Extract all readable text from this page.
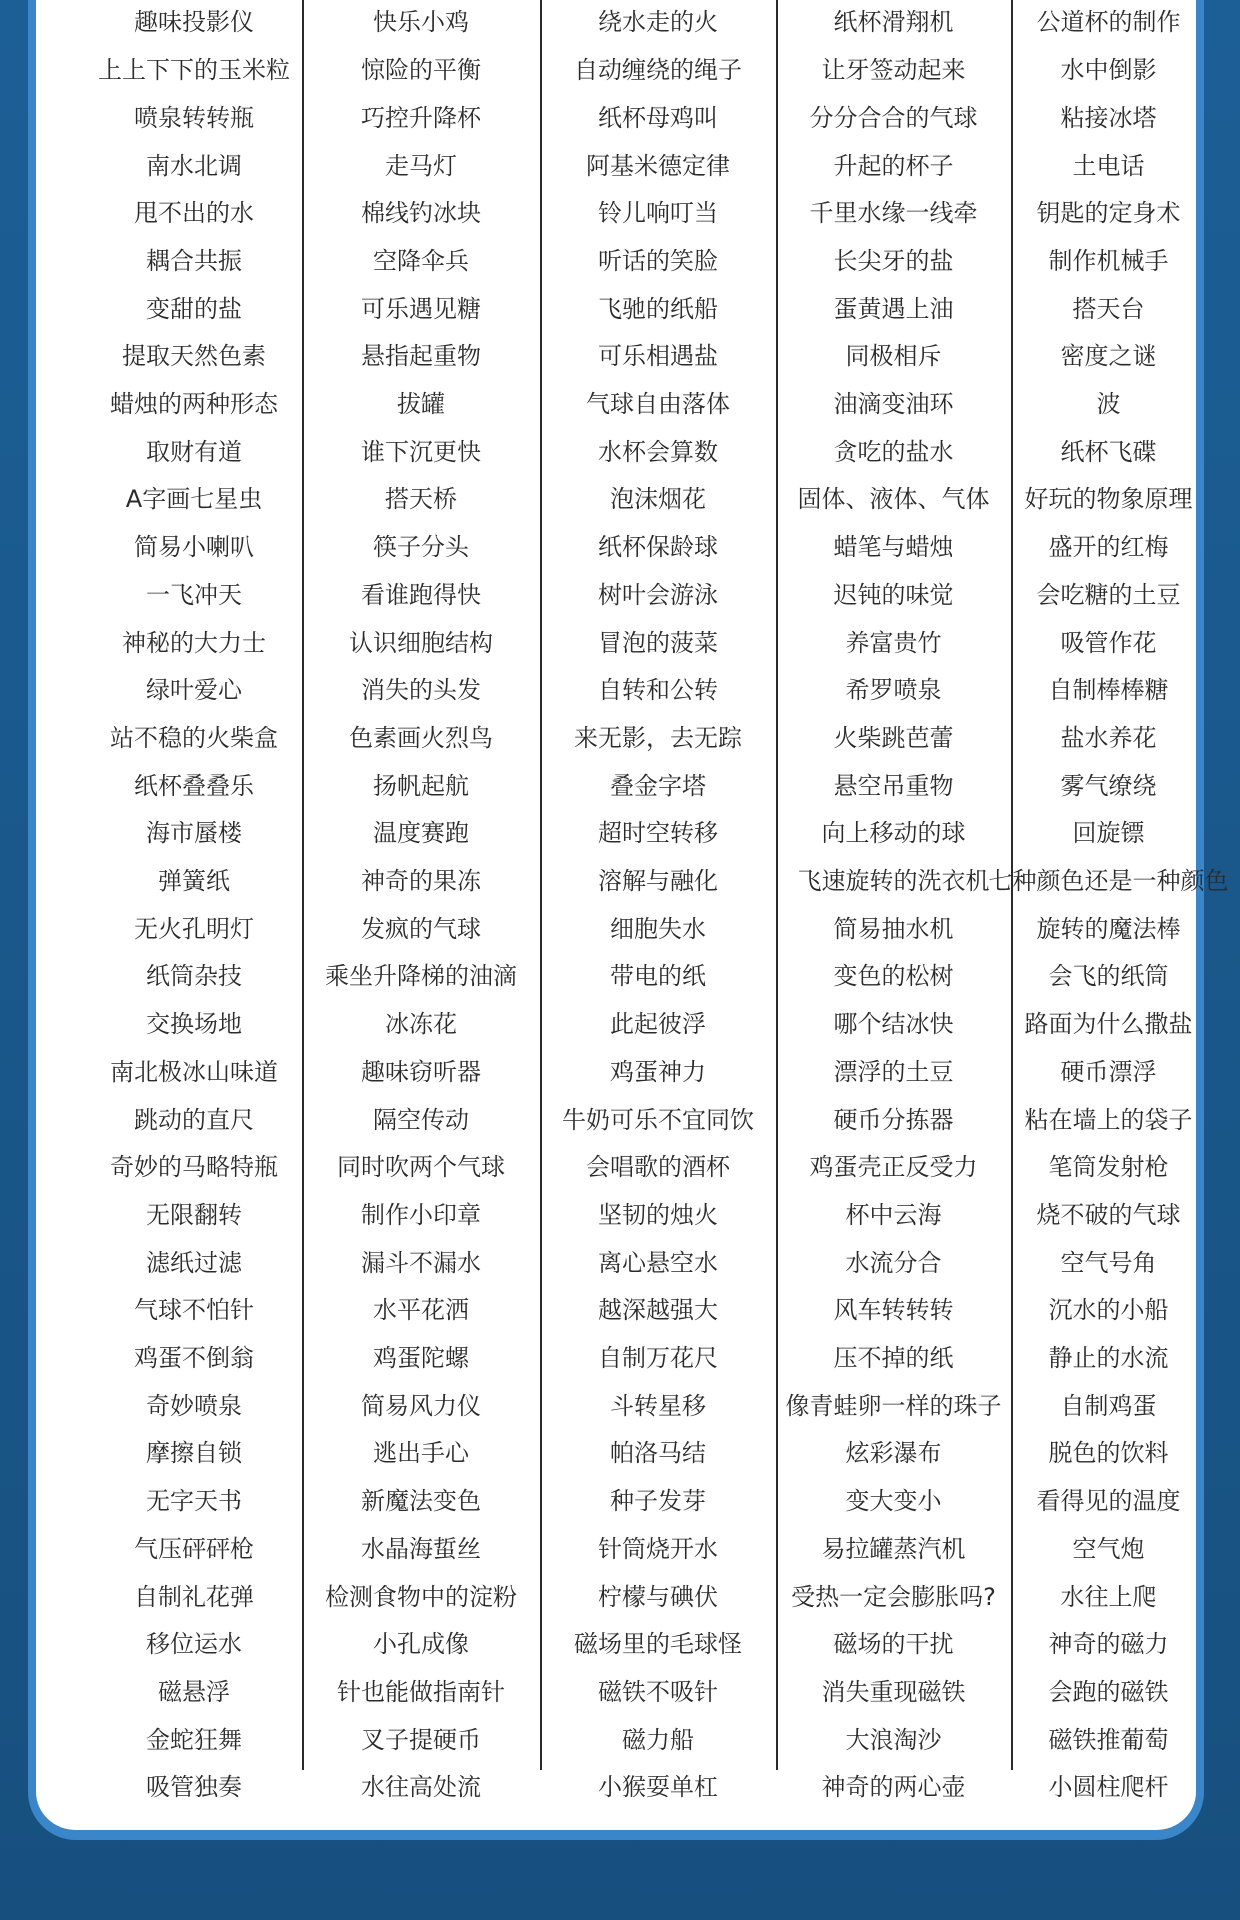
趣味投影仪
上上下下的玉米粒
喷泉转转瓶
南水北调
甩不出的水
耦合共振
变甜的盐
提取天然色素
蜡烛的两种形态
取财有道
A字画七星虫
简易小喇叭
一飞冲天
神秘的大力士
绿叶爱心
站不稳的火柴盒
纸杯叠叠乐
海市蜃楼
弹簧纸
无火孔明灯
纸筒杂技
交换场地
南北极冰山味道
跳动的直尺
奇妙的马略特瓶
无限翻转
滤纸过滤
气球不怕针
鸡蛋不倒翁
奇妙喷泉
摩擦自锁
无字天书
气压砰砰枪
自制礼花弹
移位运水
磁悬浮
金蛇狂舞
吸管独奏
快乐小鸡
惊险的平衡
巧控升降杯
走马灯
棉线钓冰块
空降伞兵
可乐遇见糖
悬指起重物
拔罐
谁下沉更快
搭天桥
筷子分头
看谁跑得快
认识细胞结构
消失的头发
色素画火烈鸟
扬帆起航
温度赛跑
神奇的果冻
发疯的气球
乘坐升降梯的油滴
冰冻花
趣味窃听器
隔空传动
同时吹两个气球
制作小印章
漏斗不漏水
水平花洒
鸡蛋陀螺
简易风力仪
逃出手心
新魔法变色
水晶海蜇丝
检测食物中的淀粉
小孔成像
针也能做指南针
叉子提硬币
水往高处流
绕水走的火
自动缠绕的绳子
纸杯母鸡叫
阿基米德定律
铃儿响叮当
听话的笑脸
飞驰的纸船
可乐相遇盐
气球自由落体
水杯会算数
泡沫烟花
纸杯保龄球
树叶会游泳
冒泡的菠菜
自转和公转
来无影，去无踪
叠金字塔
超时空转移
溶解与融化
细胞失水
带电的纸
此起彼浮
鸡蛋神力
牛奶可乐不宜同饮
会唱歌的酒杯
坚韧的烛火
离心悬空水
越深越强大
自制万花尺
斗转星移
帕洛马结
种子发芽
针筒烧开水
柠檬与碘伏
磁场里的毛球怪
磁铁不吸针
磁力船
小猴耍单杠
纸杯滑翔机
让牙签动起来
分分合合的气球
升起的杯子
千里水缘一线牵
长尖牙的盐
蛋黄遇上油
同极相斥
油滴变油环
贪吃的盐水
固体、液体、气体
蜡笔与蜡烛
迟钝的味觉
养富贵竹
希罗喷泉
火柴跳芭蕾
悬空吊重物
向上移动的球
飞速旋转的洗衣机
简易抽水机
变色的松树
哪个结冰快
漂浮的土豆
硬币分拣器
鸡蛋壳正反受力
杯中云海
水流分合
风车转转转
压不掉的纸
像青蛙卵一样的珠子
炫彩瀑布
变大变小
易拉罐蒸汽机
受热一定会膨胀吗?
磁场的干扰
消失重现磁铁
大浪淘沙
神奇的两心壶
公道杯的制作
水中倒影
粘接冰塔
土电话
钥匙的定身术
制作机械手
搭天台
密度之谜
波
纸杯飞碟
好玩的物象原理
盛开的红梅
会吃糖的土豆
吸管作花
自制棒棒糖
盐水养花
雾气缭绕
回旋镖
七种颜色还是一种颜色
旋转的魔法棒
会飞的纸筒
路面为什么撒盐
硬币漂浮
粘在墙上的袋子
笔筒发射枪
烧不破的气球
空气号角
沉水的小船
静止的水流
自制鸡蛋
脱色的饮料
看得见的温度
空气炮
水往上爬
神奇的磁力
会跑的磁铁
磁铁推葡萄
小圆柱爬杆
